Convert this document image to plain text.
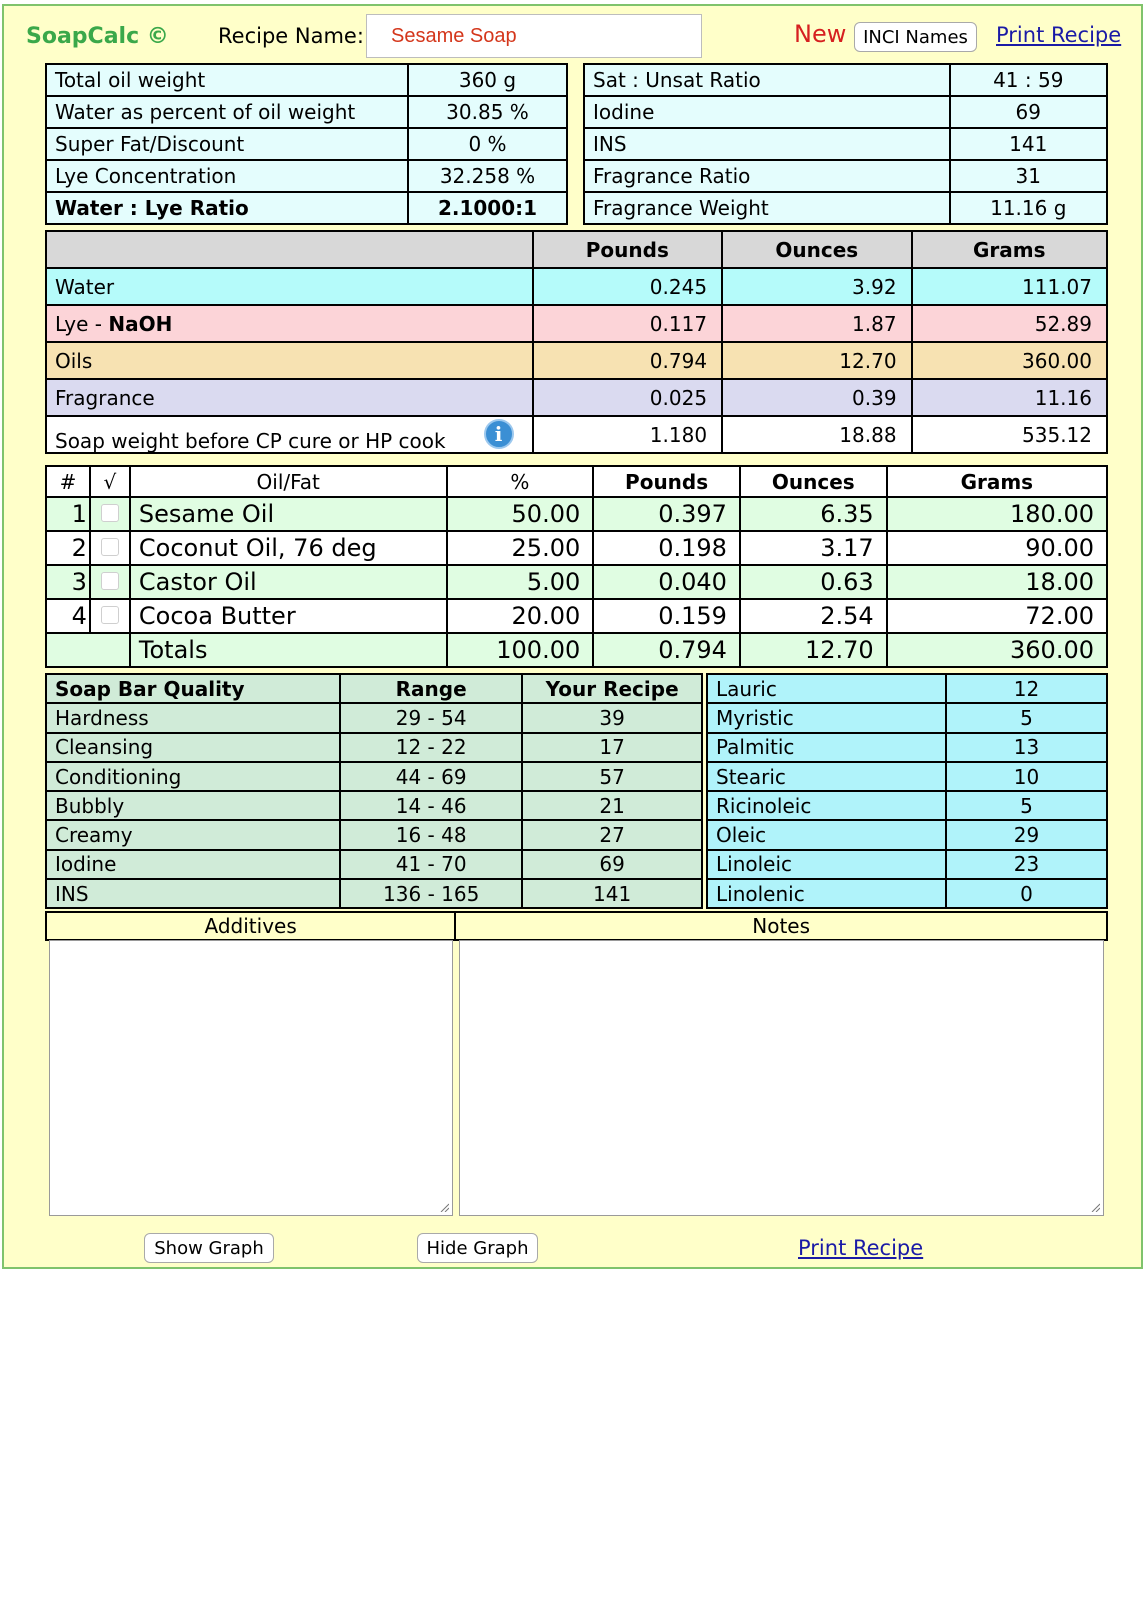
SoapCalc © Recipe Name:
Sesame Soap	New INCI Names	Print Recipe
Total oil weight	360 g
Water as percent of oil weight	30.85 %
Super Fat/Discount	0 %
Lye Concentration	32.258 %
Water : Lye Ratio	2.1000:1
Sat : Unsat Ratio	41 : 59
Iodine	69
INS	141
Fragrance Ratio	31
Fragrance Weight	11.16 g
	Pounds	Ounces	Grams
Water	0.245	3.92	111.07
Lye - NaOH	0.117	1.87	52.89
Oils	0.794	12.70	360.00
Fragrance	0.025	0.39	11.16
Soap weight before CP cure or HP cook i	1.180	18.88	535.12
#	√	Oil/Fat	%	Pounds	Ounces	Grams
1		Sesame Oil	50.00	0.397	6.35	180.00
2		Coconut Oil, 76 deg	25.00	0.198	3.17	90.00
3		Castor Oil	5.00	0.040	0.63	18.00
4		Cocoa Butter	20.00	0.159	2.54	72.00
		Totals	100.00	0.794	12.70	360.00
Soap Bar Quality	Range	Your Recipe
Hardness	29 - 54	39
Cleansing	12 - 22	17
Conditioning	44 - 69	57
Bubbly	14 - 46	21
Creamy	16 - 48	27
Iodine	41 - 70	69
INS	136 - 165	141
Lauric	12
Myristic	5
Palmitic	13
Stearic	10
Ricinoleic	5
Oleic	29
Linoleic	23
Linolenic	0
Additives	Notes

Show Graph	Hide Graph	Print Recipe
